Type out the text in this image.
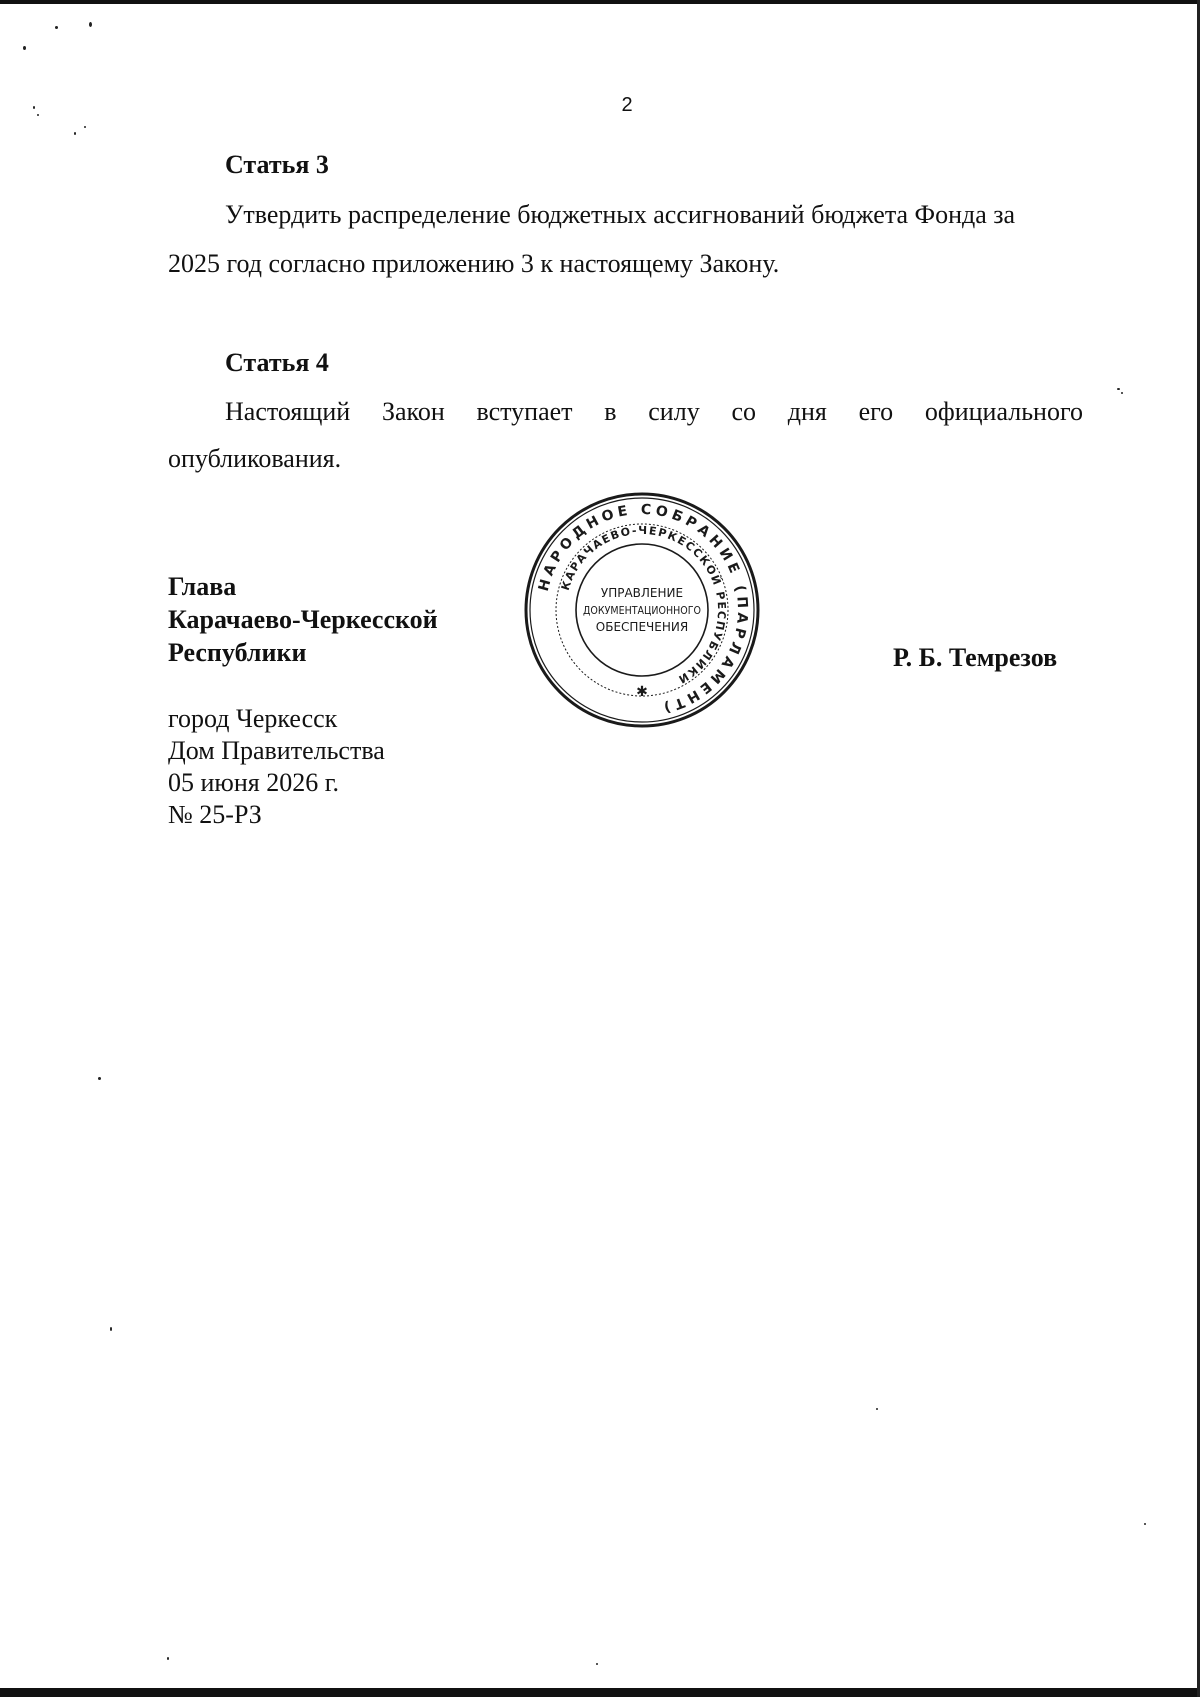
2
Статья 3
Утвердить распределение бюджетных ассигнований бюджета Фонда за
2025 год согласно приложению 3 к настоящему Закону.
Статья 4
Настоящий Закон вступает в силу со дня его официального
опубликования.
Глава
Карачаево-Черкесской
Республики	Р. Б. Темрезов
НАРОДНОЕ СОБРАНИЕ (ПАРЛАМЕНТ)
КАРАЧАЕВО-ЧЕРКЕССКОЙ РЕСПУБЛИКИ
УПРАВЛЕНИЕ
ДОКУМЕНТАЦИОННОГО
ОБЕСПЕЧЕНИЯ
✱
город Черкесск
Дом Правительства
05 июня 2026 г.
№ 25-РЗ
